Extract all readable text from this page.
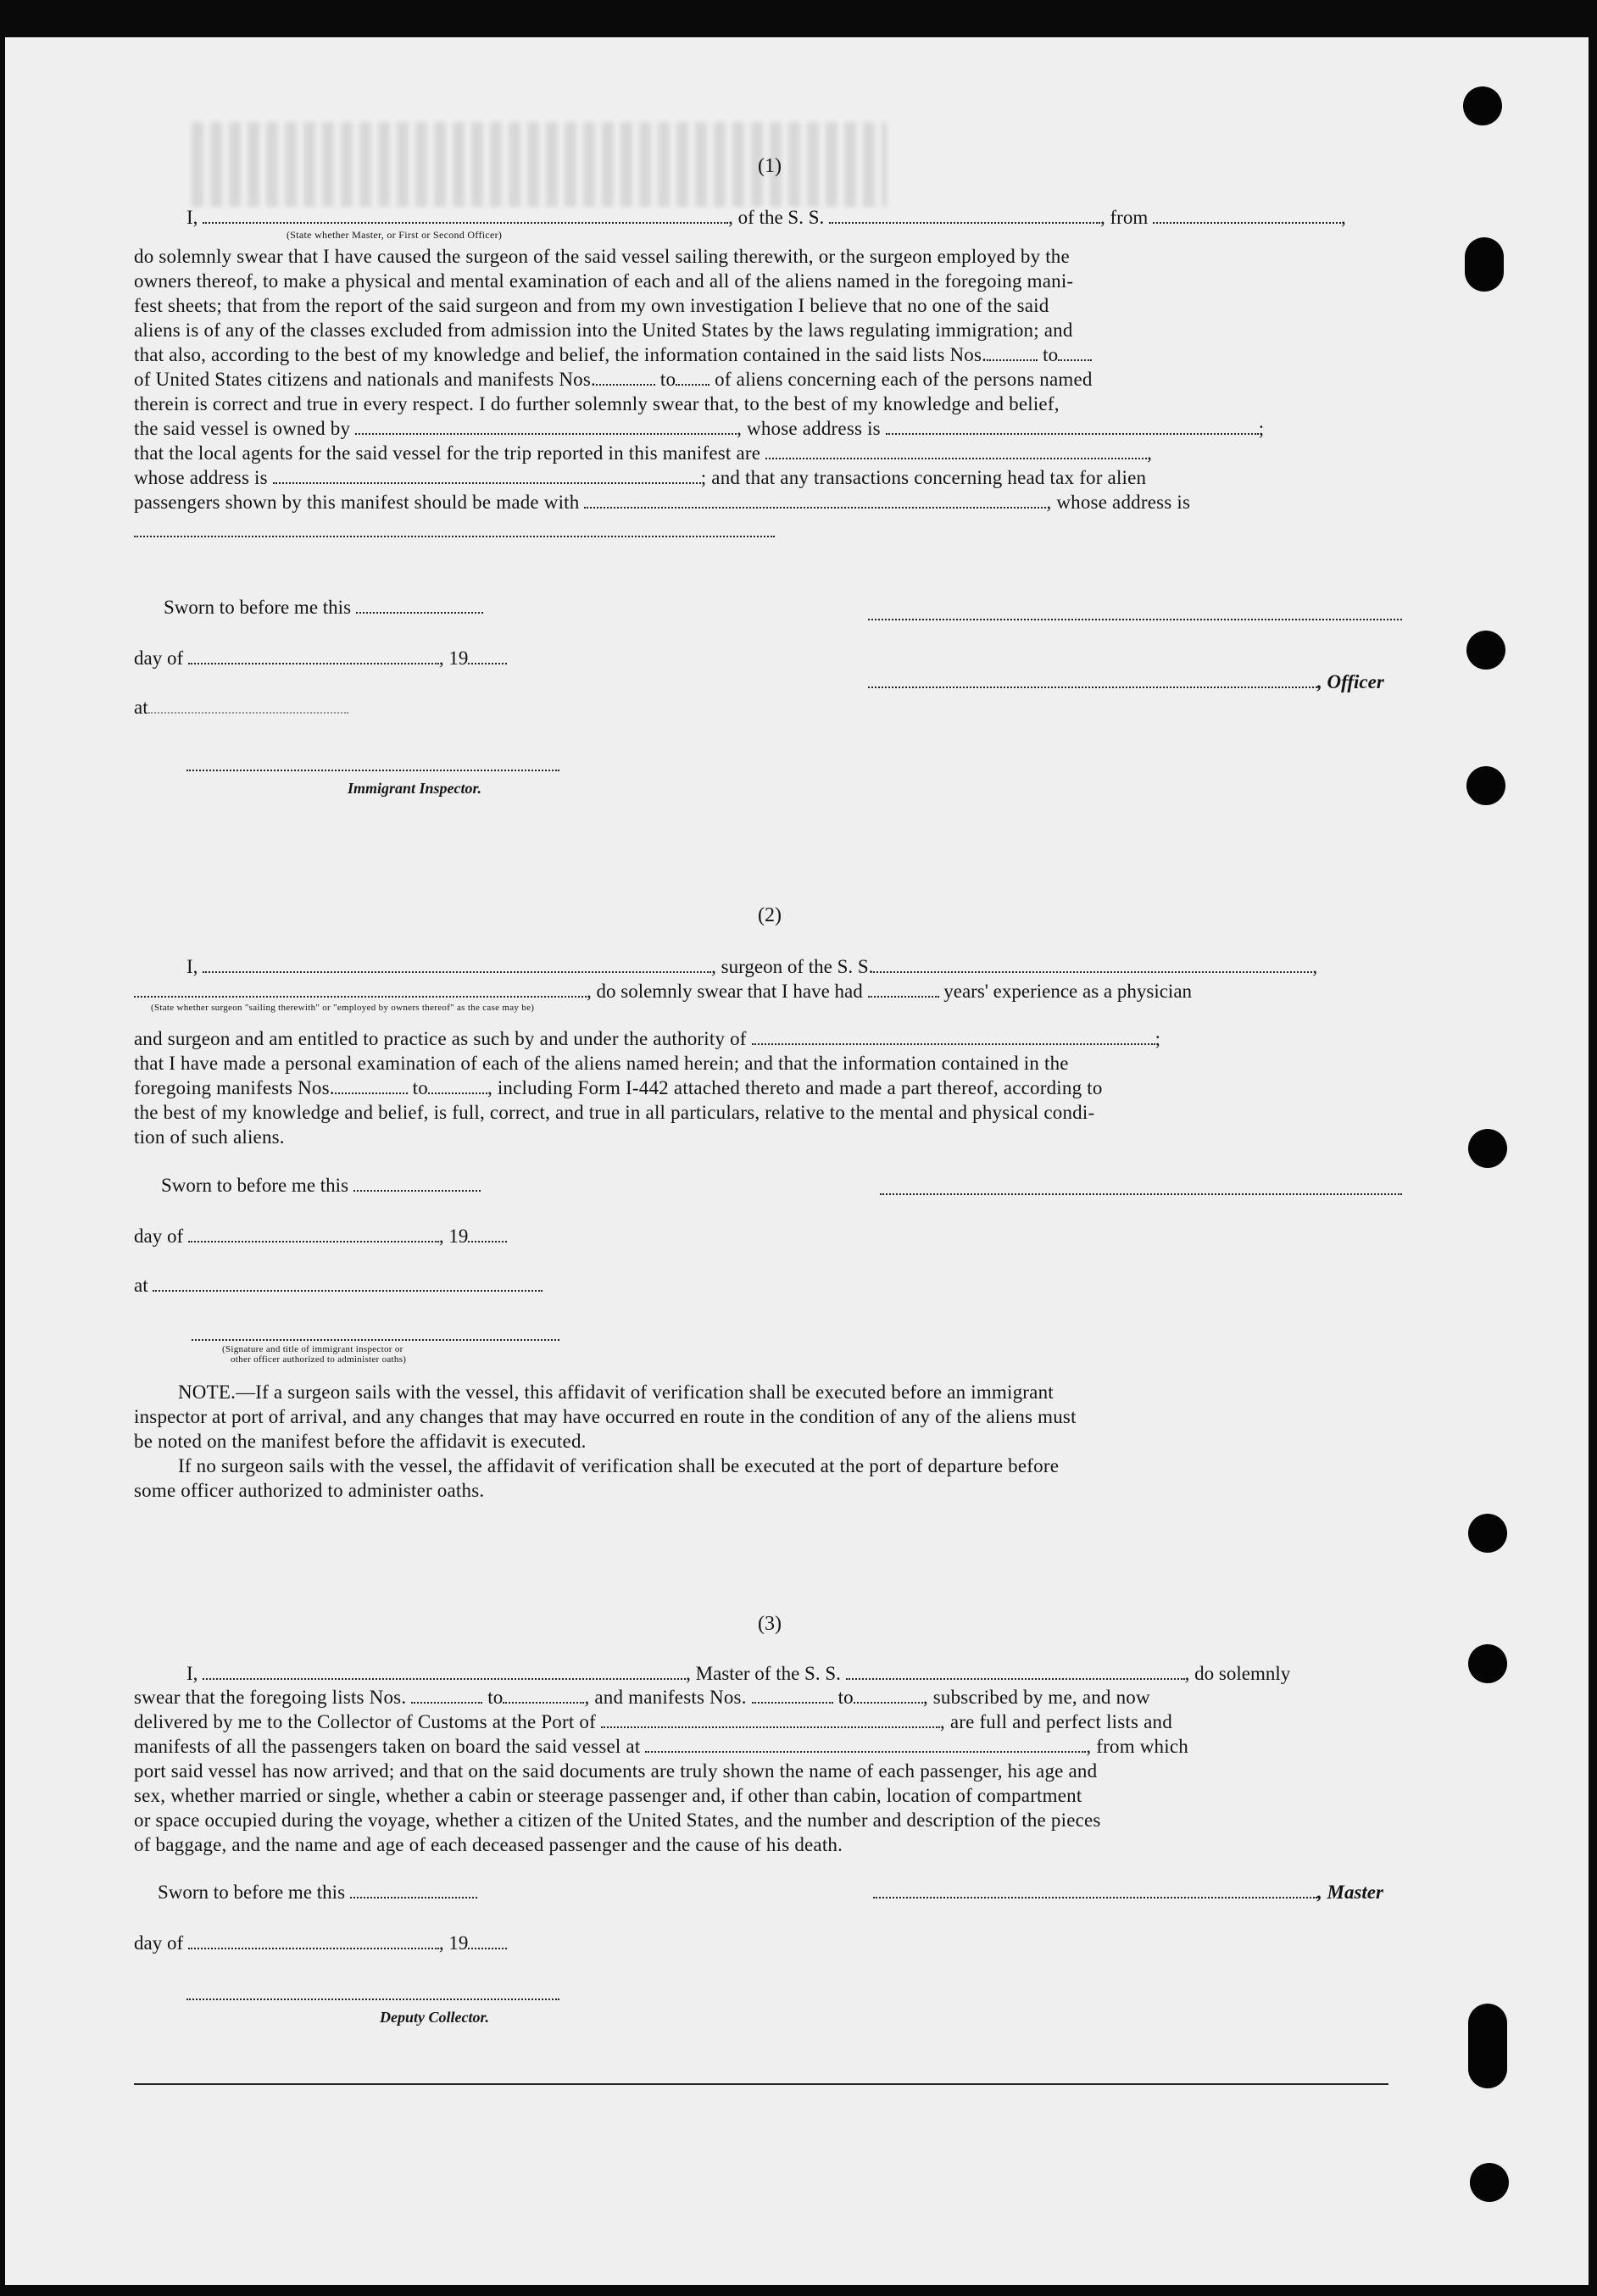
(1)
I,	, of the S. S.	, from	,
(State whether Master, or First or Second Officer)
do solemnly swear that I have caused the surgeon of the said vessel sailing therewith, or the surgeon employed by the
owners thereof, to make a physical and mental examination of each and all of the aliens named in the foregoing mani-
fest sheets; that from the report of the said surgeon and from my own investigation I believe that no one of the said
aliens is of any of the classes excluded from admission into the United States by the laws regulating immigration; and
that also, according to the best of my knowledge and belief, the information contained in the said lists Nos.	to
of United States citizens and nationals and manifests Nos.	to of aliens concerning each of the persons named
therein is correct and true in every respect. I do further solemnly swear that, to the best of my knowledge and belief,
the said vessel is owned by	, whose address is	;
that the local agents for the said vessel for the trip reported in this manifest are	,
whose address is	; and that any transactions concerning head tax for alien
passengers shown by this manifest should be made with	, whose address is
Sworn to before me this
day of	, 19
, Officer
at
Immigrant Inspector.
(2)
I,	, surgeon of the S. S.	,
, do solemnly swear that I have had	years' experience as a physician
(State whether surgeon "sailing therewith" or "employed by owners thereof" as the case may be)
and surgeon and am entitled to practice as such by and under the authority of	;
that I have made a personal examination of each of the aliens named herein; and that the information contained in the
foregoing manifests Nos.	to	, including Form I-442 attached thereto and made a part thereof, according to
the best of my knowledge and belief, is full, correct, and true in all particulars, relative to the mental and physical condi-
tion of such aliens.
Sworn to before me this
day of	, 19
at
(Signature and title of immigrant inspector or
other officer authorized to administer oaths)
NOTE.—If a surgeon sails with the vessel, this affidavit of verification shall be executed before an immigrant
inspector at port of arrival, and any changes that may have occurred en route in the condition of any of the aliens must
be noted on the manifest before the affidavit is executed.
If no surgeon sails with the vessel, the affidavit of verification shall be executed at the port of departure before
some officer authorized to administer oaths.
(3)
I,	, Master of the S. S.	, do solemnly
swear that the foregoing lists Nos.	to	, and manifests Nos.	to	, subscribed by me, and now
delivered by me to the Collector of Customs at the Port of	, are full and perfect lists and
manifests of all the passengers taken on board the said vessel at	, from which
port said vessel has now arrived; and that on the said documents are truly shown the name of each passenger, his age and
sex, whether married or single, whether a cabin or steerage passenger and, if other than cabin, location of compartment
or space occupied during the voyage, whether a citizen of the United States, and the number and description of the pieces
of baggage, and the name and age of each deceased passenger and the cause of his death.
Sworn to before me this	, Master
day of	, 19
Deputy Collector.
